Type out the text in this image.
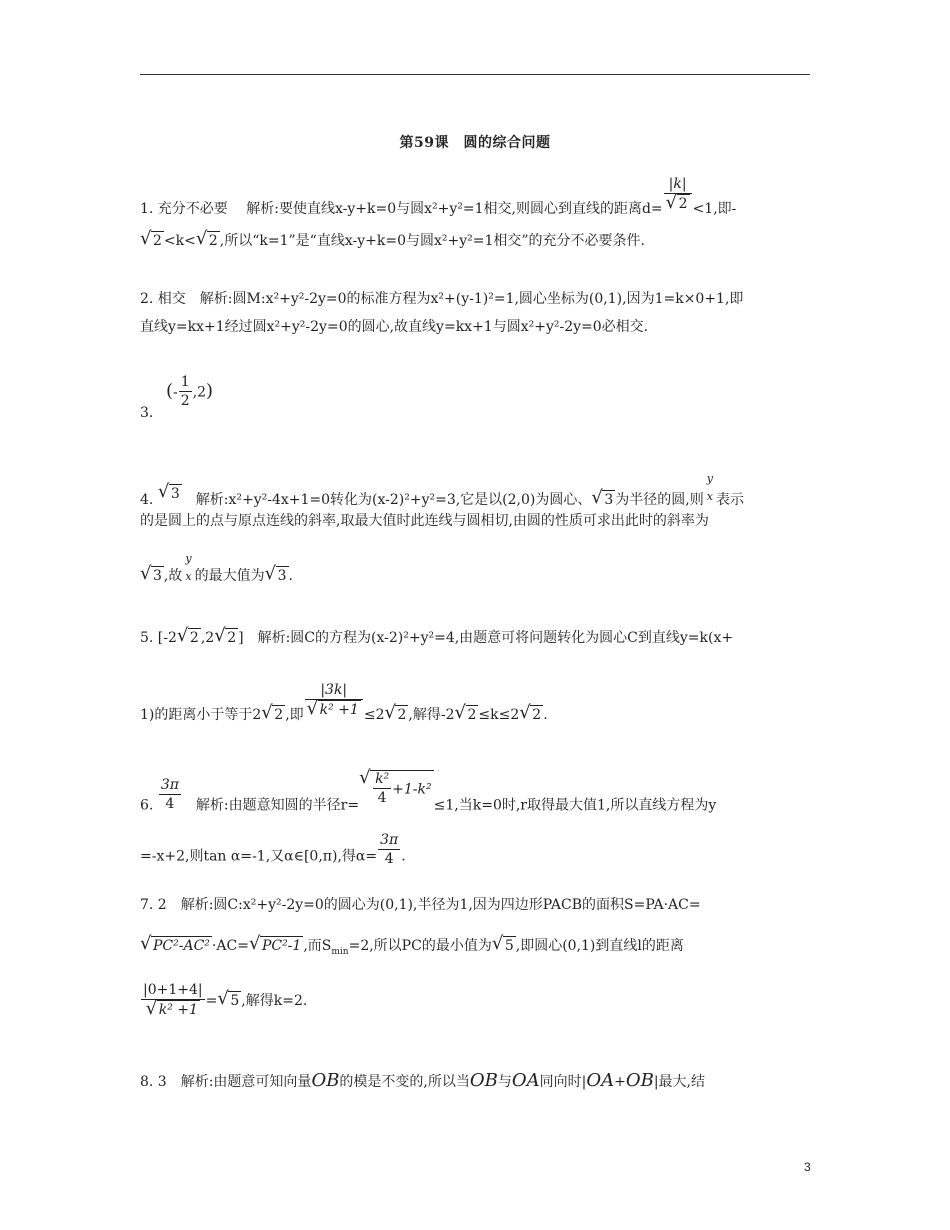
第59课　圆的综合问题
1. 充分不必要　 解析:要使直线x-y+k=0与圆x²+y²=1相交,则圆心到直线的距离d= |k|
√ 2 <1,即-
√ 2 <k< √ 2 ,所以“k=1”是“直线x-y+k=0与圆x²+y²=1相交”的充分不必要条件.
2. 相交　解析:圆M:x²+y²-2y=0的标准方程为x²+(y-1)²=1,圆心坐标为(0,1),因为1=k×0+1,即
直线y=kx+1经过圆x²+y²-2y=0的圆心,故直线y=kx+1与圆x²+y²-2y=0必相交.
3.
(- $\frac{1}{2} ,2$)
4. √ 3　解析:x²+y²-4x+1=0转化为(x-2)²+y²=3,它是以(2,0)为圆心、 √ 3 为半径的圆,则
y
x 表示
的是圆上的点与原点连线的斜率,取最大值时此连线与圆相切,由圆的性质可求出此时的斜率为
√ 3 ,故
y
x 的最大值为 √ 3 .
5. [-2 √ 2 ,2 √ 2 ]　解析:圆C的方程为(x-2)²+y²=4,由题意可将问题转化为圆心C到直线y=k(x+
1)的距离小于等于2 √ 2 ,即 |3k|
√ k² +1 ≤2 √ 2 ,解得-2 √ 2 ≤k≤2 √ 2 .
6. $\frac{3\pi}{4}$ 　解析:由题意知圆的半径r= √ $\frac{\text{k²}}{4} +1-k^2\le 1$,当k=0时,r取得最大值1,所以直线方程为y
=-x+2,则tan α=-1,又α∈[0,π),得$\alpha= \frac{3\pi}{4}$ .
7. 2　解析:圆C:x²+y²-2y=0的圆心为(0,1),半径为1,因为四边形PACB的面积S=PA·AC=
√ PC²-AC² ·AC= √ PC²-1 ,而$S_{min}=2$,所以PC的最小值为 √ 5 ,即圆心(0,1)到直线l的距离
|0+1+4|
√ k² +1 = √ 5 ,解得k=2.
8. 3　解析:由题意可知向量OB的模是不变的,所以当OB与OA同向时|OA+OB|最大,结
3
